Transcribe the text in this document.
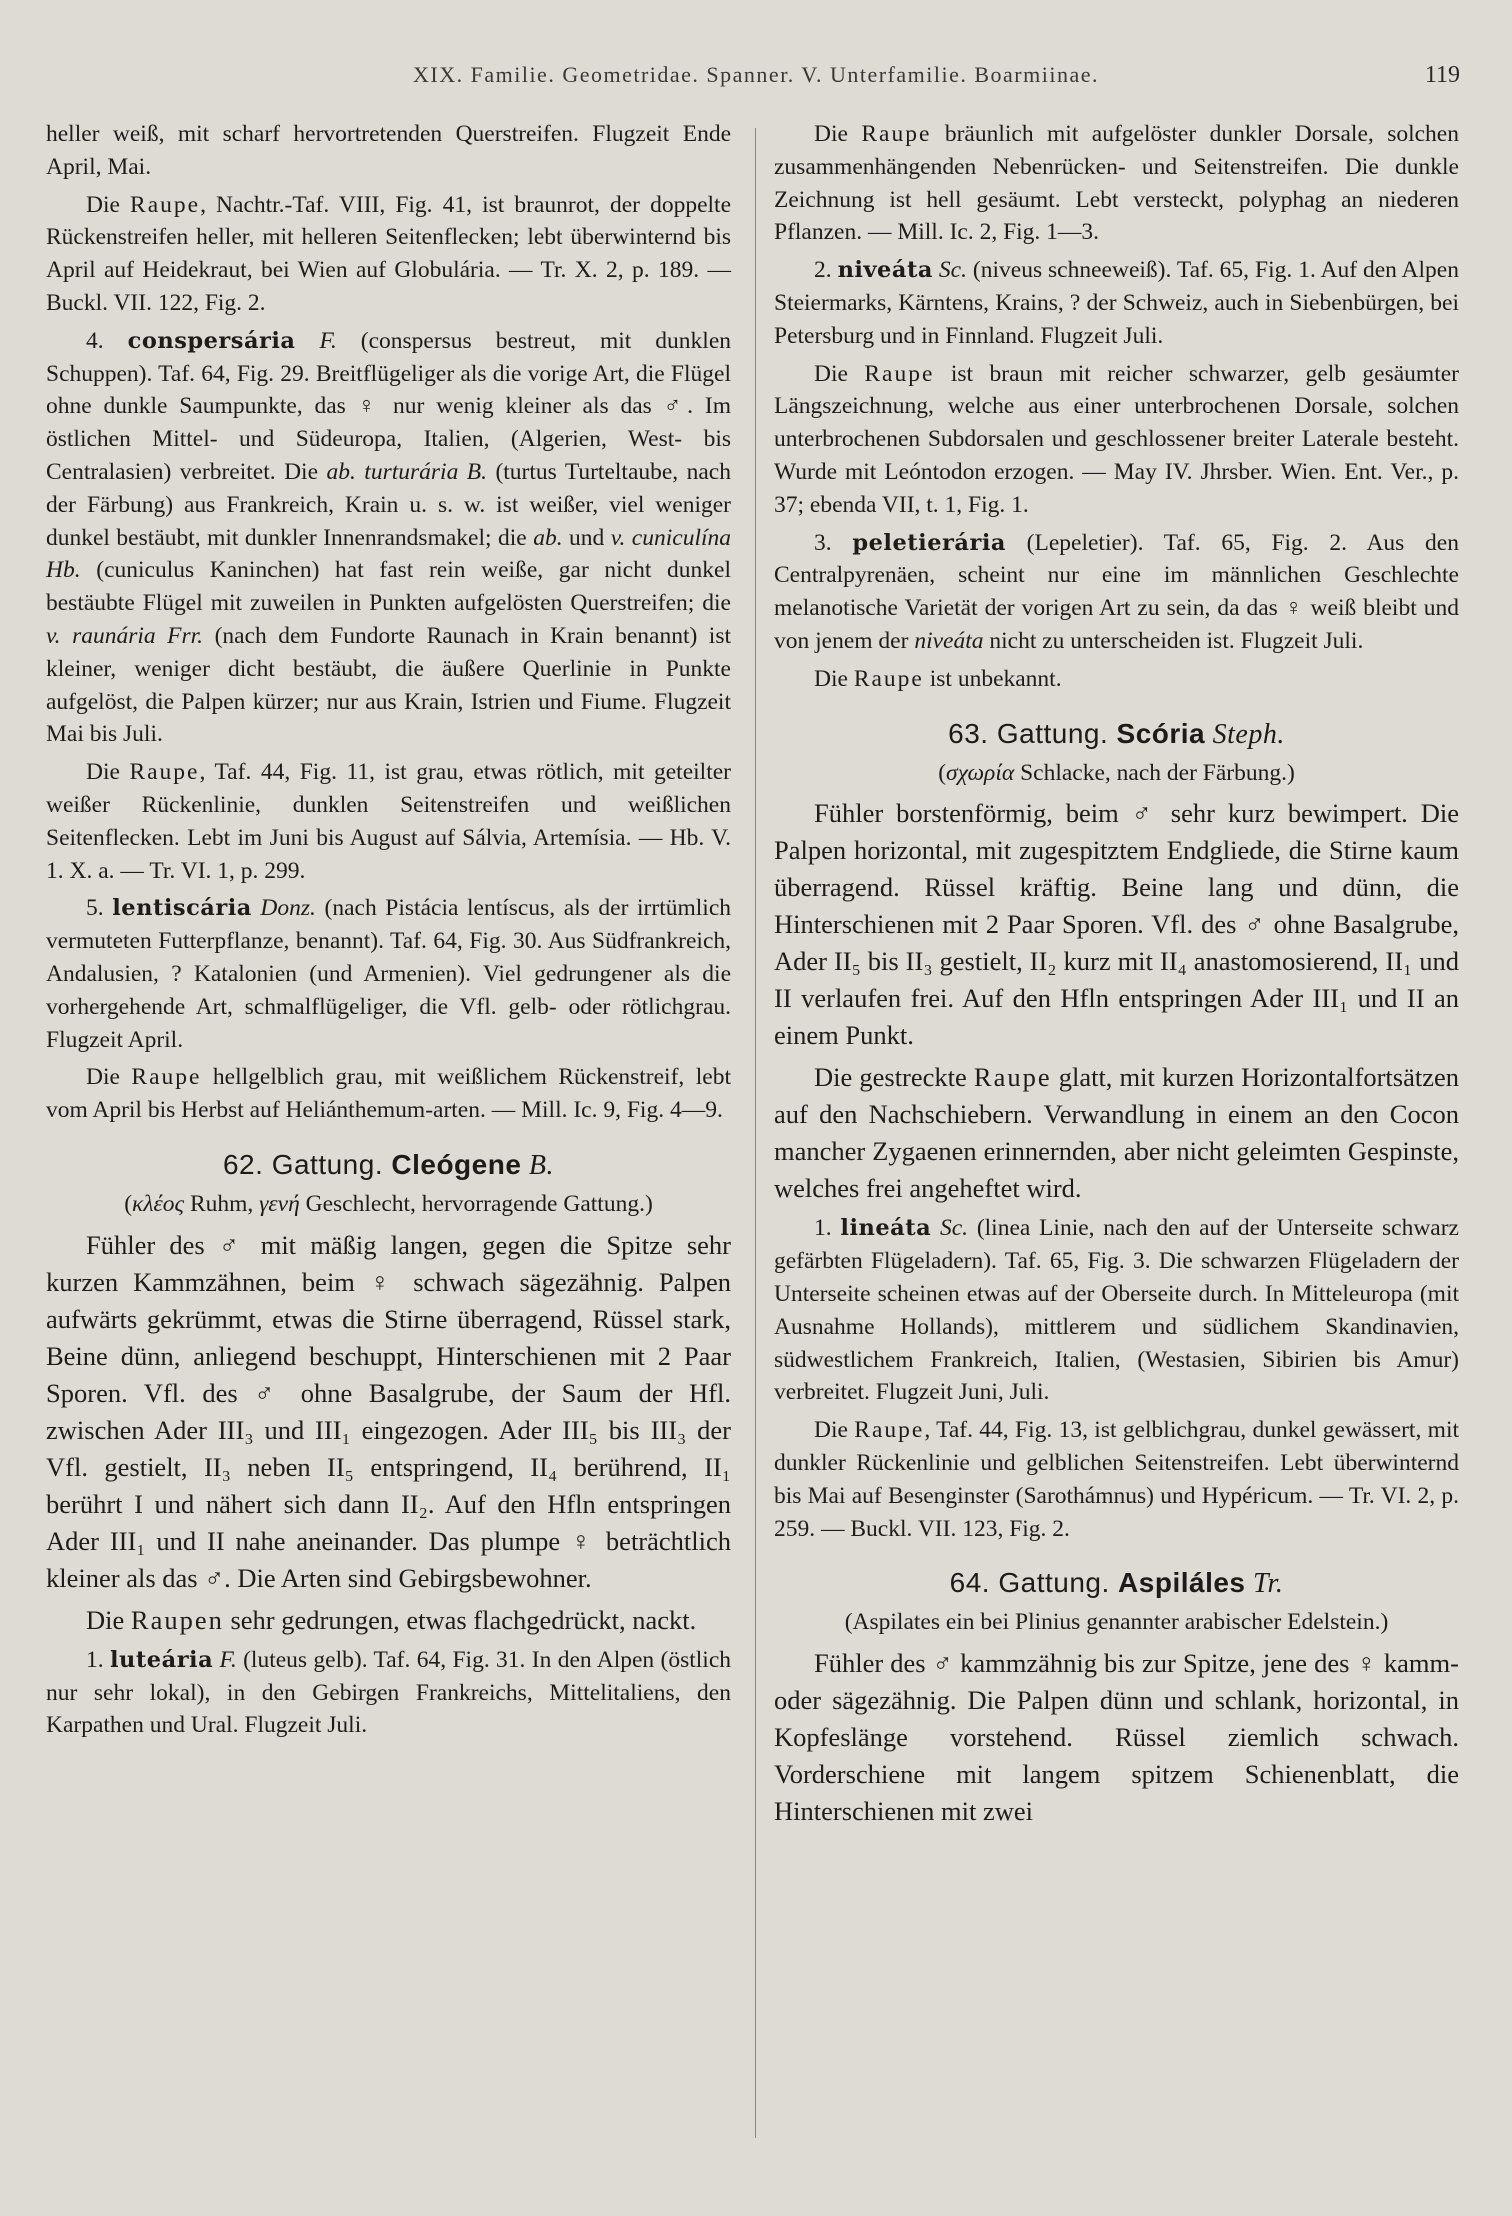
XIX. Familie. Geometridae. Spanner. V. Unterfamilie. Boarmiinae.	119

heller weiß, mit scharf hervortretenden Querstreifen. Flugzeit Ende April, Mai.

Die Raupe, Nachtr.-Taf. VIII, Fig. 41, ist braunrot, der doppelte Rückenstreifen heller, mit helleren Seitenflecken; lebt überwinternd bis April auf Heidekraut, bei Wien auf Globulária. — Tr. X. 2, p. 189. — Buckl. VII. 122, Fig. 2.

4. conspersária F. (conspersus bestreut, mit dunklen Schuppen). Taf. 64, Fig. 29. Breitflügeliger als die vorige Art, die Flügel ohne dunkle Saumpunkte, das ♀ nur wenig kleiner als das ♂. Im östlichen Mittel- und Südeuropa, Italien, (Algerien, West- bis Centralasien) verbreitet. Die ab. turturária B. (turtus Turteltaube, nach der Färbung) aus Frankreich, Krain u. s. w. ist weißer, viel weniger dunkel bestäubt, mit dunkler Innenrandsmakel; die ab. und v. cuniculína Hb. (cuniculus Kaninchen) hat fast rein weiße, gar nicht dunkel bestäubte Flügel mit zuweilen in Punkten aufgelösten Querstreifen; die v. raunária Frr. (nach dem Fundorte Raunach in Krain benannt) ist kleiner, weniger dicht bestäubt, die äußere Querlinie in Punkte aufgelöst, die Palpen kürzer; nur aus Krain, Istrien und Fiume. Flugzeit Mai bis Juli.

Die Raupe, Taf. 44, Fig. 11, ist grau, etwas rötlich, mit geteilter weißer Rückenlinie, dunklen Seitenstreifen und weißlichen Seitenflecken. Lebt im Juni bis August auf Sálvia, Artemísia. — Hb. V. 1. X. a. — Tr. VI. 1, p. 299.

5. lentiscária Donz. (nach Pistácia lentíscus, als der irrtümlich vermuteten Futterpflanze, benannt). Taf. 64, Fig. 30. Aus Südfrankreich, Andalusien, ? Katalonien (und Armenien). Viel gedrungener als die vorhergehende Art, schmalflügeliger, die Vfl. gelb- oder rötlichgrau. Flugzeit April.

Die Raupe hellgelblich grau, mit weißlichem Rückenstreif, lebt vom April bis Herbst auf Heliánthemum-arten. — Mill. Ic. 9, Fig. 4—9.

62. Gattung. Cleógene B.
(κλέος Ruhm, γενή Geschlecht, hervorragende Gattung.)

Fühler des ♂ mit mäßig langen, gegen die Spitze sehr kurzen Kammzähnen, beim ♀ schwach sägezähnig. Palpen aufwärts gekrümmt, etwas die Stirne überragend, Rüssel stark, Beine dünn, anliegend beschuppt, Hinterschienen mit 2 Paar Sporen. Vfl. des ♂ ohne Basalgrube, der Saum der Hfl. zwischen Ader III₃ und III₁ eingezogen. Ader III₅ bis III₃ der Vfl. gestielt, II₃ neben II₅ entspringend, II₄ berührend, II₁ berührt I und nähert sich dann II₂. Auf den Hfln entspringen Ader III₁ und II nahe aneinander. Das plumpe ♀ beträchtlich kleiner als das ♂. Die Arten sind Gebirgsbewohner.

Die Raupen sehr gedrungen, etwas flachgedrückt, nackt.

1. luteária F. (luteus gelb). Taf. 64, Fig. 31. In den Alpen (östlich nur sehr lokal), in den Gebirgen Frankreichs, Mittelitaliens, den Karpathen und Ural. Flugzeit Juli.

Die Raupe bräunlich mit aufgelöster dunkler Dorsale, solchen zusammenhängenden Nebenrücken- und Seitenstreifen. Die dunkle Zeichnung ist hell gesäumt. Lebt versteckt, polyphag an niederen Pflanzen. — Mill. Ic. 2, Fig. 1—3.

2. niveáta Sc. (niveus schneeweiß). Taf. 65, Fig. 1. Auf den Alpen Steiermarks, Kärntens, Krains, ? der Schweiz, auch in Siebenbürgen, bei Petersburg und in Finnland. Flugzeit Juli.

Die Raupe ist braun mit reicher schwarzer, gelb gesäumter Längszeichnung, welche aus einer unterbrochenen Dorsale, solchen unterbrochenen Subdorsalen und geschlossener breiter Laterale besteht. Wurde mit Leóntodon erzogen. — May IV. Jhrsber. Wien. Ent. Ver., p. 37; ebenda VII, t. 1, Fig. 1.

3. peletierária (Lepeletier). Taf. 65, Fig. 2. Aus den Centralpyrenäen, scheint nur eine im männlichen Geschlechte melanotische Varietät der vorigen Art zu sein, da das ♀ weiß bleibt und von jenem der niveáta nicht zu unterscheiden ist. Flugzeit Juli.

Die Raupe ist unbekannt.

63. Gattung. Scória Steph.
(σχωρία Schlacke, nach der Färbung.)

Fühler borstenförmig, beim ♂ sehr kurz bewimpert. Die Palpen horizontal, mit zugespitztem Endgliede, die Stirne kaum überragend. Rüssel kräftig. Beine lang und dünn, die Hinterschienen mit 2 Paar Sporen. Vfl. des ♂ ohne Basalgrube, Ader II₅ bis II₃ gestielt, II₂ kurz mit II₄ anastomosierend, II₁ und II verlaufen frei. Auf den Hfln entspringen Ader III₁ und II an einem Punkt.

Die gestreckte Raupe glatt, mit kurzen Horizontalfortsätzen auf den Nachschiebern. Verwandlung in einem an den Cocon mancher Zygaenen erinnernden, aber nicht geleimten Gespinste, welches frei angeheftet wird.

1. lineáta Sc. (linea Linie, nach den auf der Unterseite schwarz gefärbten Flügeladern). Taf. 65, Fig. 3. Die schwarzen Flügeladern der Unterseite scheinen etwas auf der Oberseite durch. In Mitteleuropa (mit Ausnahme Hollands), mittlerem und südlichem Skandinavien, südwestlichem Frankreich, Italien, (Westasien, Sibirien bis Amur) verbreitet. Flugzeit Juni, Juli.

Die Raupe, Taf. 44, Fig. 13, ist gelblichgrau, dunkel gewässert, mit dunkler Rückenlinie und gelblichen Seitenstreifen. Lebt überwinternd bis Mai auf Besenginster (Sarothámnus) und Hypéricum. — Tr. VI. 2, p. 259. — Buckl. VII. 123, Fig. 2.

64. Gattung. Aspiláles Tr.
(Aspilates ein bei Plinius genannter arabischer Edelstein.)

Fühler des ♂ kammzähnig bis zur Spitze, jene des ♀ kamm- oder sägezähnig. Die Palpen dünn und schlank, horizontal, in Kopfeslänge vorstehend. Rüssel ziemlich schwach. Vorderschiene mit langem spitzem Schienenblatt, die Hinterschienen mit zwei
